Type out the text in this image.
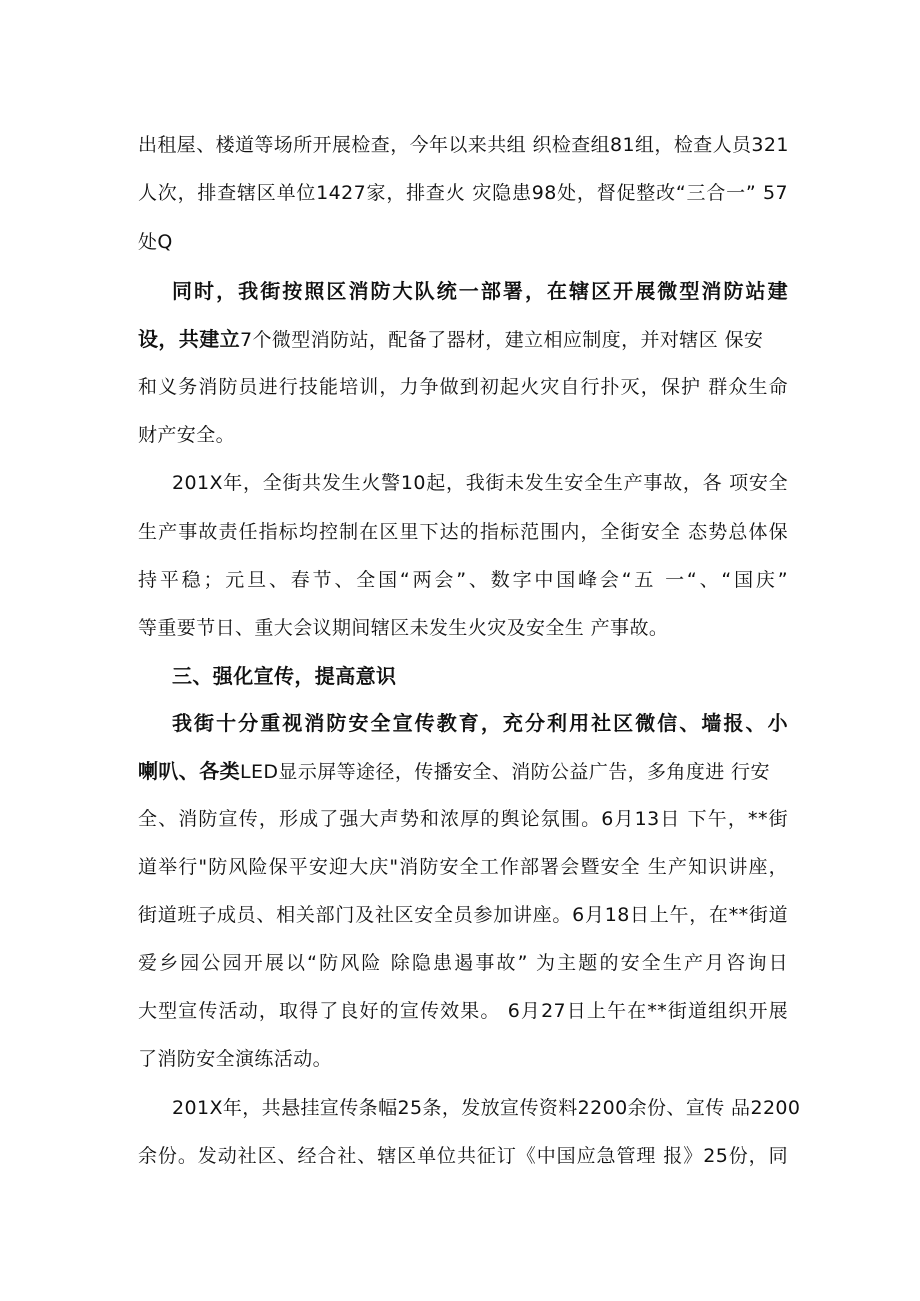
出租屋、楼道等场所开展检查，今年以来共组 织检查组81组，检查人员321
人次，排查辖区单位1427家，排查火 灾隐患98处，督促整改“三合一” 57
处Q
同时，我街按照区消防大队统一部署，在辖区开展微型消防站建
设，共建立7个微型消防站，配备了器材，建立相应制度，并对辖区 保安
和义务消防员进行技能培训，力争做到初起火灾自行扑灭，保护 群众生命
财产安全。
201X年，全街共发生火警10起，我街未发生安全生产事故，各 项安全
生产事故责任指标均控制在区里下达的指标范围内，全街安全 态势总体保
持平稳；元旦、春节、全国“两会”、数字中国峰会“五 一“、“国庆”
等重要节日、重大会议期间辖区未发生火灾及安全生 产事故。
三、强化宣传，提高意识
我街十分重视消防安全宣传教育，充分利用社区微信、墙报、小
喇叭、各类LED显示屏等途径，传播安全、消防公益广告，多角度进 行安
全、消防宣传，形成了强大声势和浓厚的舆论氛围。6月13日 下午，**街
道举行"防风险保平安迎大庆"消防安全工作部署会暨安全 生产知识讲座，
街道班子成员、相关部门及社区安全员参加讲座。6月18日上午，在**街道
爱乡园公园开展以“防风险 除隐患遏事故” 为主题的安全生产月咨询日
大型宣传活动，取得了良好的宣传效果。 6月27日上午在**街道组织开展
了消防安全演练活动。
201X年，共悬挂宣传条幅25条，发放宣传资料2200余份、宣传 品2200
余份。发动社区、经合社、辖区单位共征订《中国应急管理 报》25份，同
